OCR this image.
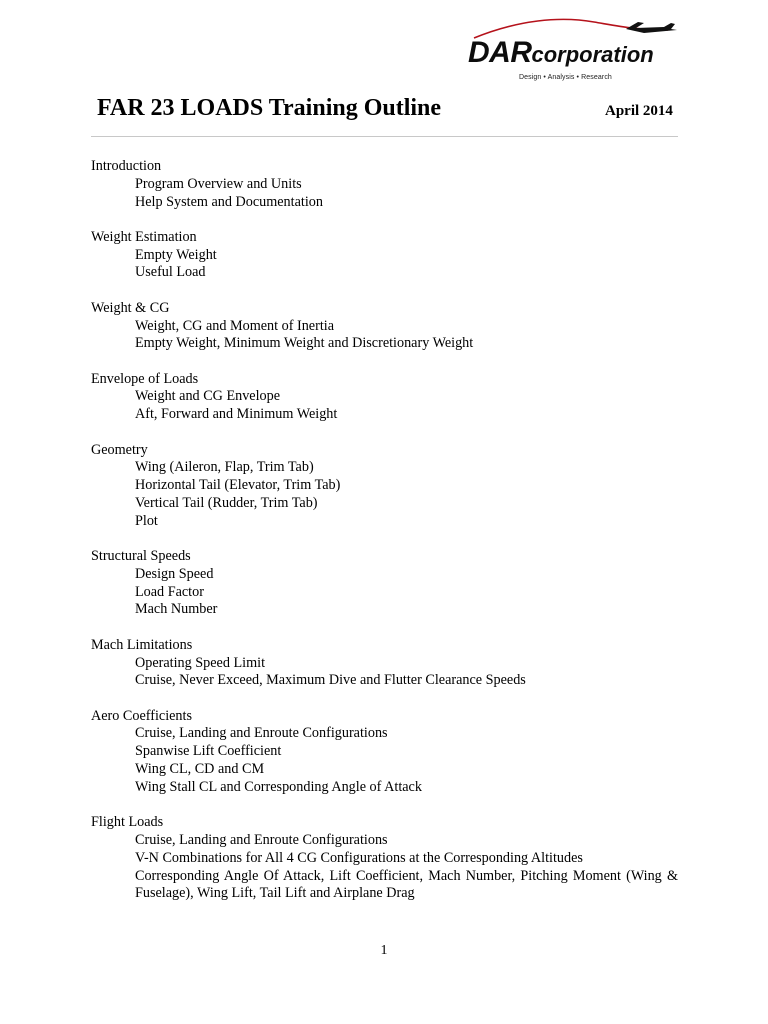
DARcorporation
Design • Analysis • Research
FAR 23 LOADS Training Outline	April 2014
Introduction
Program Overview and Units
Help System and Documentation
Weight Estimation
Empty Weight
Useful Load
Weight & CG
Weight, CG and Moment of Inertia
Empty Weight, Minimum Weight and Discretionary Weight
Envelope of Loads
Weight and CG Envelope
Aft, Forward and Minimum Weight
Geometry
Wing (Aileron, Flap, Trim Tab)
Horizontal Tail (Elevator, Trim Tab)
Vertical Tail (Rudder, Trim Tab)
Plot
Structural Speeds
Design Speed
Load Factor
Mach Number
Mach Limitations
Operating Speed Limit
Cruise, Never Exceed, Maximum Dive and Flutter Clearance Speeds
Aero Coefficients
Cruise, Landing and Enroute Configurations
Spanwise Lift Coefficient
Wing CL, CD and CM
Wing Stall CL and Corresponding Angle of Attack
Flight Loads
Cruise, Landing and Enroute Configurations
V-N Combinations for All 4 CG Configurations at the Corresponding Altitudes
Corresponding Angle Of Attack, Lift Coefficient, Mach Number, Pitching Moment (Wing & Fuselage), Wing Lift, Tail Lift and Airplane Drag
1
